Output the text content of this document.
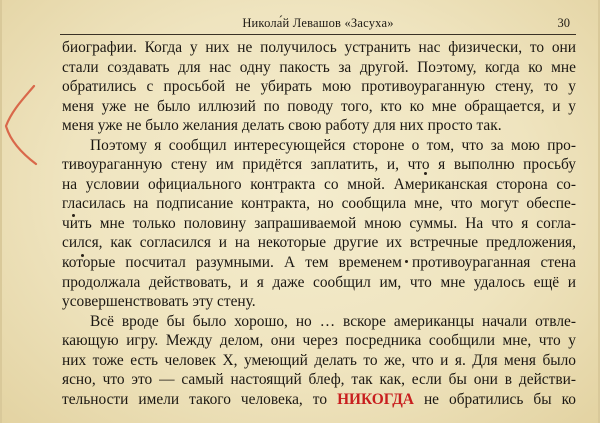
Никола́й Левашов «Засуха»	30

биографии. Когда у них не получилось устранить нас физически, то они
стали создавать для нас одну пакость за другой. Поэтому, когда ко мне
обратились с просьбой не убирать мою противоураганную стену, то у
меня уже не было иллюзий по поводу того, кто ко мне обращается, и у
меня уже не было желания делать свою работу для них просто так.

Поэтому я сообщил интересующейся стороне о том, что за мою про-
тивоураганную стену им придётся заплатить, и, что я выполню просьбу
на условии официального контракта со мной. Американская сторона со-
гласилась на подписание контракта, но сообщила мне, что могут обеспе-
чить мне только половину запрашиваемой мною суммы. На что я согла-
сился, как согласился и на некоторые другие их встречные предложения,
которые посчитал разумными. А тем временем противоураганная стена
продолжала действовать, и я даже сообщил им, что мне удалось ещё и
усовершенствовать эту стену.

Всё вроде бы было хорошо, но … вскоре американцы начали отвле-
кающую игру. Между делом, они через посредника сообщили мне, что у
них тоже есть человек X, умеющий делать то же, что и я. Для меня было
ясно, что это — самый настоящий блеф, так как, если бы они в действи-
тельности имели такого человека, то НИКОГДА не обратились бы ко
